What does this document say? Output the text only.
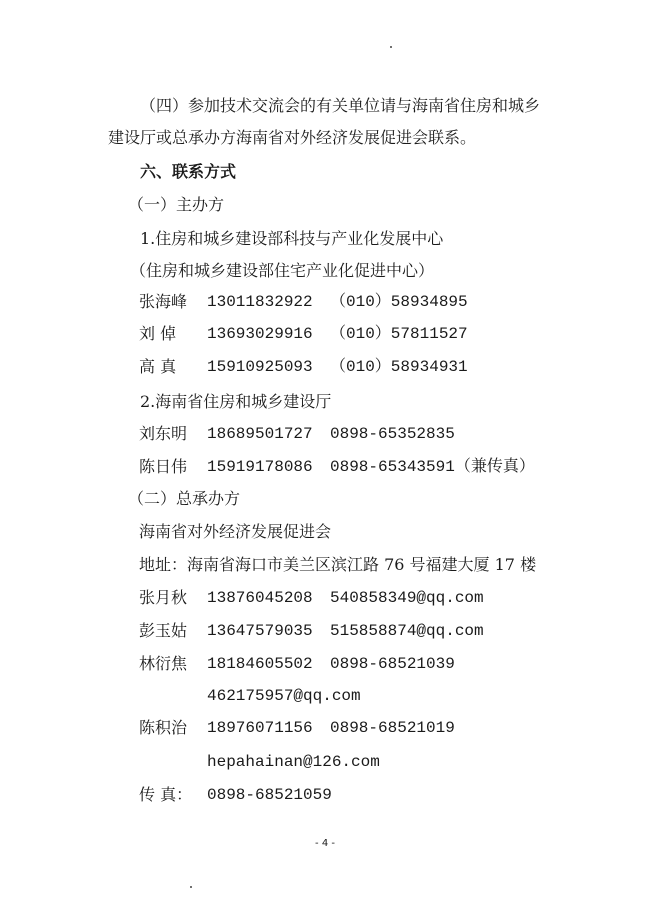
（四）参加技术交流会的有关单位请与海南省住房和城乡
建设厅或总承办方海南省对外经济发展促进会联系。
六、联系方式
（一）主办方
1.住房和城乡建设部科技与产业化发展中心
（住房和城乡建设部住宅产业化促进中心）
张海峰 13011832922 （010）58934895
刘 倬 13693029916 （010）57811527
高 真 15910925093 （010）58934931
2.海南省住房和城乡建设厅
刘东明 18689501727 0898-65352835
陈日伟 15919178086 0898-65343591（兼传真）
（二）总承办方
海南省对外经济发展促进会
地址：海南省海口市美兰区滨江路 76 号福建大厦 17 楼
张月秋 13876045208 540858349@qq.com
彭玉姑 13647579035 515858874@qq.com
林衍焦 18184605502 0898-68521039
462175957@qq.com
陈积治 18976071156 0898-68521019
hepahainan@126.com
传 真： 0898-68521059
- 4 -
